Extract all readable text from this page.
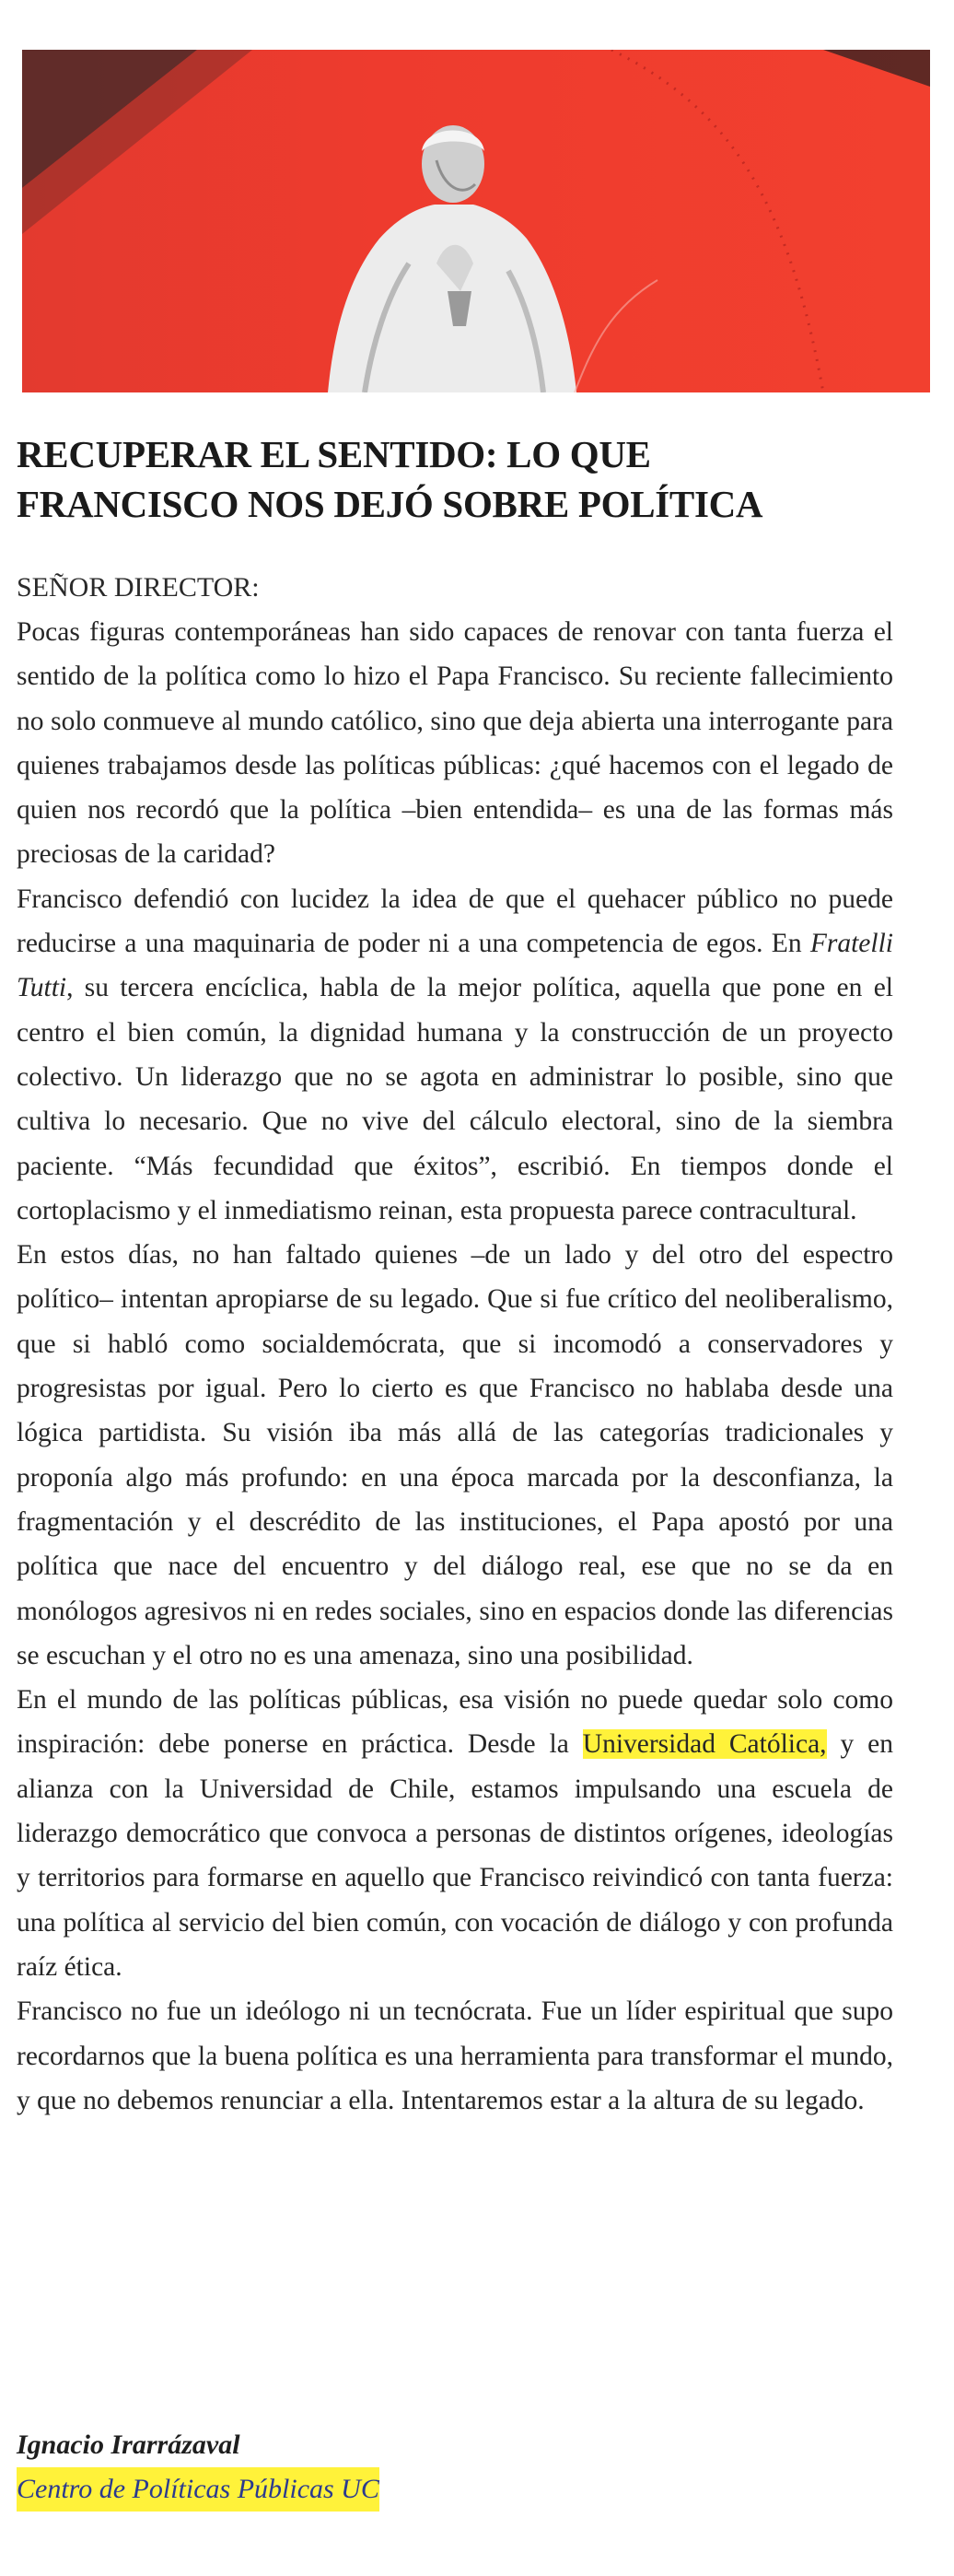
RECUPERAR EL SENTIDO: LO QUE
FRANCISCO NOS DEJÓ SOBRE POLÍTICA

SEÑOR DIRECTOR:

Pocas figuras contemporáneas han sido capaces de renovar con tanta fuerza el sentido de la política como lo hizo el Papa Francisco. Su reciente fallecimiento no solo conmueve al mundo católico, sino que deja abierta una interrogante para quienes trabajamos desde las políticas públicas: ¿qué hacemos con el legado de quien nos recordó que la política –bien entendida– es una de las formas más preciosas de la caridad?

Francisco defendió con lucidez la idea de que el quehacer público no puede reducirse a una maquinaria de poder ni a una competencia de egos. En Fratelli Tutti, su tercera encíclica, habla de la mejor política, aquella que pone en el centro el bien común, la dignidad humana y la construcción de un proyecto colectivo. Un liderazgo que no se agota en administrar lo posible, sino que cultiva lo necesario. Que no vive del cálculo electoral, sino de la siembra paciente. “Más fecundidad que éxitos”, escribió. En tiempos donde el cortoplacismo y el inmediatismo reinan, esta propuesta parece contracultural.

En estos días, no han faltado quienes –de un lado y del otro del espectro político– intentan apropiarse de su legado. Que si fue crítico del neoliberalismo, que si habló como socialdemócrata, que si incomodó a conservadores y progresistas por igual. Pero lo cierto es que Francisco no hablaba desde una lógica partidista. Su visión iba más allá de las categorías tradicionales y proponía algo más profundo: en una época marcada por la desconfianza, la fragmentación y el descrédito de las instituciones, el Papa apostó por una política que nace del encuentro y del diálogo real, ese que no se da en monólogos agresivos ni en redes sociales, sino en espacios donde las diferencias se escuchan y el otro no es una amenaza, sino una posibilidad.

En el mundo de las políticas públicas, esa visión no puede quedar solo como inspiración: debe ponerse en práctica. Desde la Universidad Católica, y en alianza con la Universidad de Chile, estamos impulsando una escuela de liderazgo democrático que convoca a personas de distintos orígenes, ideologías y territorios para formarse en aquello que Francisco reivindicó con tanta fuerza: una política al servicio del bien común, con vocación de diálogo y con profunda raíz ética.

Francisco no fue un ideólogo ni un tecnócrata. Fue un líder espiritual que supo recordarnos que la buena política es una herramienta para transformar el mundo, y que no debemos renunciar a ella. Intentaremos estar a la altura de su legado.

Ignacio Irarrázaval
Centro de Políticas Públicas UC
